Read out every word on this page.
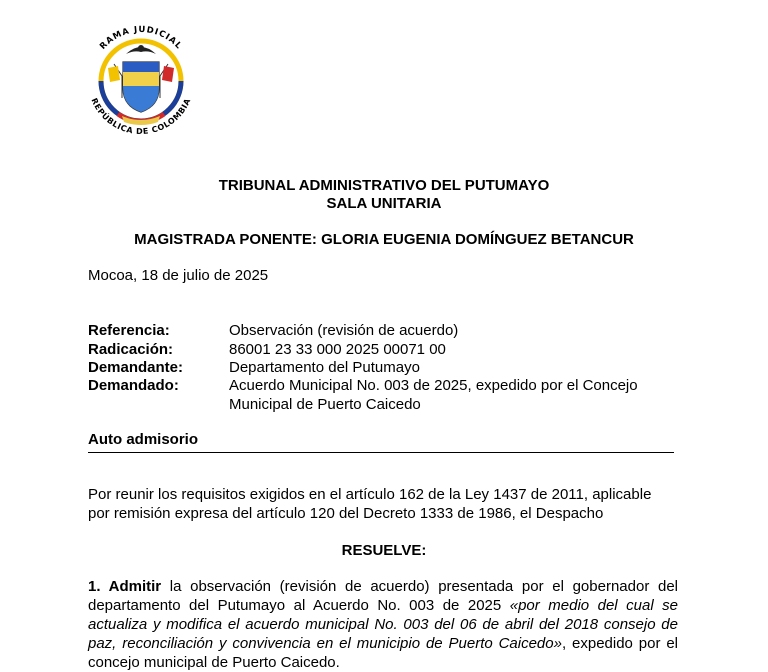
RAMA JUDICIAL
REPÚBLICA DE COLOMBIA
TRIBUNAL ADMINISTRATIVO DEL PUTUMAYO
SALA UNITARIA
MAGISTRADA PONENTE: GLORIA EUGENIA DOMÍNGUEZ BETANCUR
Mocoa, 18 de julio de 2025
Referencia:	Observación (revisión de acuerdo)
Radicación:	86001 23 33 000 2025 00071 00
Demandante:	Departamento del Putumayo
Demandado:	Acuerdo Municipal No. 003 de 2025, expedido por el Concejo
Municipal de Puerto Caicedo
Auto admisorio
Por reunir los requisitos exigidos en el artículo 162 de la Ley 1437 de 2011, aplicable
por remisión expresa del artículo 120 del Decreto 1333 de 1986, el Despacho
RESUELVE:
1. Admitir la observación (revisión de acuerdo) presentada por el gobernador del departamento del Putumayo al Acuerdo No. 003 de 2025 «por medio del cual se actualiza y modifica el acuerdo municipal No. 003 del 06 de abril del 2018 consejo de paz, reconciliación y convivencia en el municipio de Puerto Caicedo», expedido por el concejo municipal de Puerto Caicedo.
